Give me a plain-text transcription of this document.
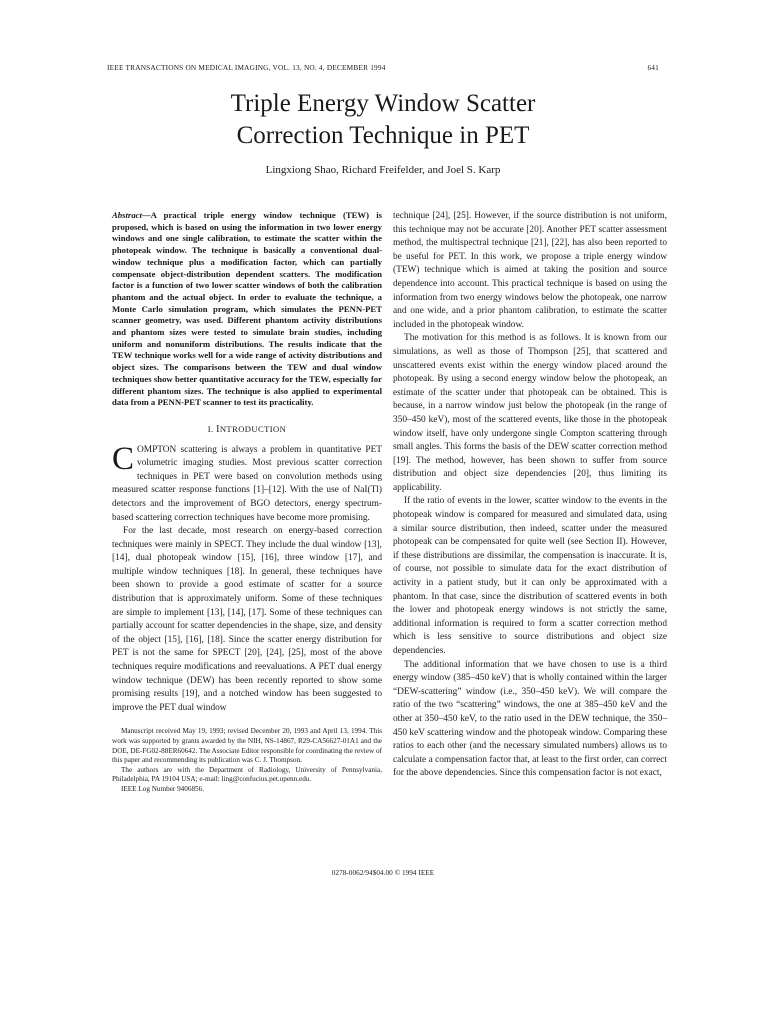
IEEE TRANSACTIONS ON MEDICAL IMAGING, VOL. 13, NO. 4, DECEMBER 1994	641
Triple Energy Window Scatter
Correction Technique in PET
Lingxiong Shao, Richard Freifelder, and Joel S. Karp

Abstract—A practical triple energy window technique (TEW) is proposed, which is based on using the information in two lower energy windows and one single calibration, to estimate the scatter within the photopeak window. The technique is basically a conventional dual-window technique plus a modification factor, which can partially compensate object-distribution dependent scatters. The modification factor is a function of two lower scatter windows of both the calibration phantom and the actual object. In order to evaluate the technique, a Monte Carlo simulation program, which simulates the PENN-PET scanner geometry, was used. Different phantom activity distributions and phantom sizes were tested to simulate brain studies, including uniform and nonuniform distributions. The results indicate that the TEW technique works well for a wide range of activity distributions and object sizes. The comparisons between the TEW and dual window techniques show better quantitative accuracy for the TEW, especially for different phantom sizes. The technique is also applied to experimental data from a PENN-PET scanner to test its practicality.

I. INTRODUCTION

COMPTON scattering is always a problem in quantitative PET volumetric imaging studies. Most previous scatter correction techniques in PET were based on convolution methods using measured scatter response functions [1]–[12]. With the use of NaI(Tl) detectors and the improvement of BGO detectors, energy spectrum-based scattering correction techniques have become more promising.

For the last decade, most research on energy-based correction techniques were mainly in SPECT. They include the dual window [13], [14], dual photopeak window [15], [16], three window [17], and multiple window techniques [18]. In general, these techniques have been shown to provide a good estimate of scatter for a source distribution that is approximately uniform. Some of these techniques are simple to implement [13], [14], [17]. Some of these techniques can partially account for scatter dependencies in the shape, size, and density of the object [15], [16], [18]. Since the scatter energy distribution for PET is not the same for SPECT [20], [24], [25], most of the above techniques require modifications and reevaluations. A PET dual energy window technique (DEW) has been recently reported to show some promising results [19], and a notched window has been suggested to improve the PET dual window

Manuscript received May 19, 1993; revised December 20, 1993 and April 13, 1994. This work was supported by grants awarded by the NIH, NS-14867, R29-CA56627-01A1 and the DOE, DE-FG02-88ER60642. The Associate Editor responsible for coordinating the review of this paper and recommending its publication was C. J. Thompson.

The authors are with the Department of Radiology, University of Pennsylvania, Philadelphia, PA 19104 USA; e-mail: ling@confucius.pet.upenn.edu.

IEEE Log Number 9406856.

technique [24], [25]. However, if the source distribution is not uniform, this technique may not be accurate [20]. Another PET scatter assessment method, the multispectral technique [21], [22], has also been reported to be useful for PET. In this work, we propose a triple energy window (TEW) technique which is aimed at taking the position and source dependence into account. This practical technique is based on using the information from two energy windows below the photopeak, one narrow and one wide, and a prior phantom calibration, to estimate the scatter included in the photopeak window.

The motivation for this method is as follows. It is known from our simulations, as well as those of Thompson [25], that scattered and unscattered events exist within the energy window placed around the photopeak. By using a second energy window below the photopeak, an estimate of the scatter under that photopeak can be obtained. This is because, in a narrow window just below the photopeak (in the range of 350–450 keV), most of the scattered events, like those in the photopeak window itself, have only undergone single Compton scattering through small angles. This forms the basis of the DEW scatter correction method [19]. The method, however, has been shown to suffer from source distribution and object size dependencies [20], thus limiting its applicability.

If the ratio of events in the lower, scatter window to the events in the photopeak window is compared for measured and simulated data, using a similar source distribution, then indeed, scatter under the measured photopeak can be compensated for quite well (see Section II). However, if these distributions are dissimilar, the compensation is inaccurate. It is, of course, not possible to simulate data for the exact distribution of activity in a patient study, but it can only be approximated with a phantom. In that case, since the distribution of scattered events in both the lower and photopeak energy windows is not strictly the same, additional information is required to form a scatter correction method which is less sensitive to source distributions and object size dependencies.

The additional information that we have chosen to use is a third energy window (385–450 keV) that is wholly contained within the larger “DEW-scattering” window (i.e., 350–450 keV). We will compare the ratio of the two “scattering” windows, the one at 385–450 keV and the other at 350–450 keV, to the ratio used in the DEW technique, the 350–450 keV scattering window and the photopeak window. Comparing these ratios to each other (and the necessary simulated numbers) allows us to calculate a compensation factor that, at least to the first order, can correct for the above dependencies. Since this compensation factor is not exact,

0278-0062/94$04.00 © 1994 IEEE
